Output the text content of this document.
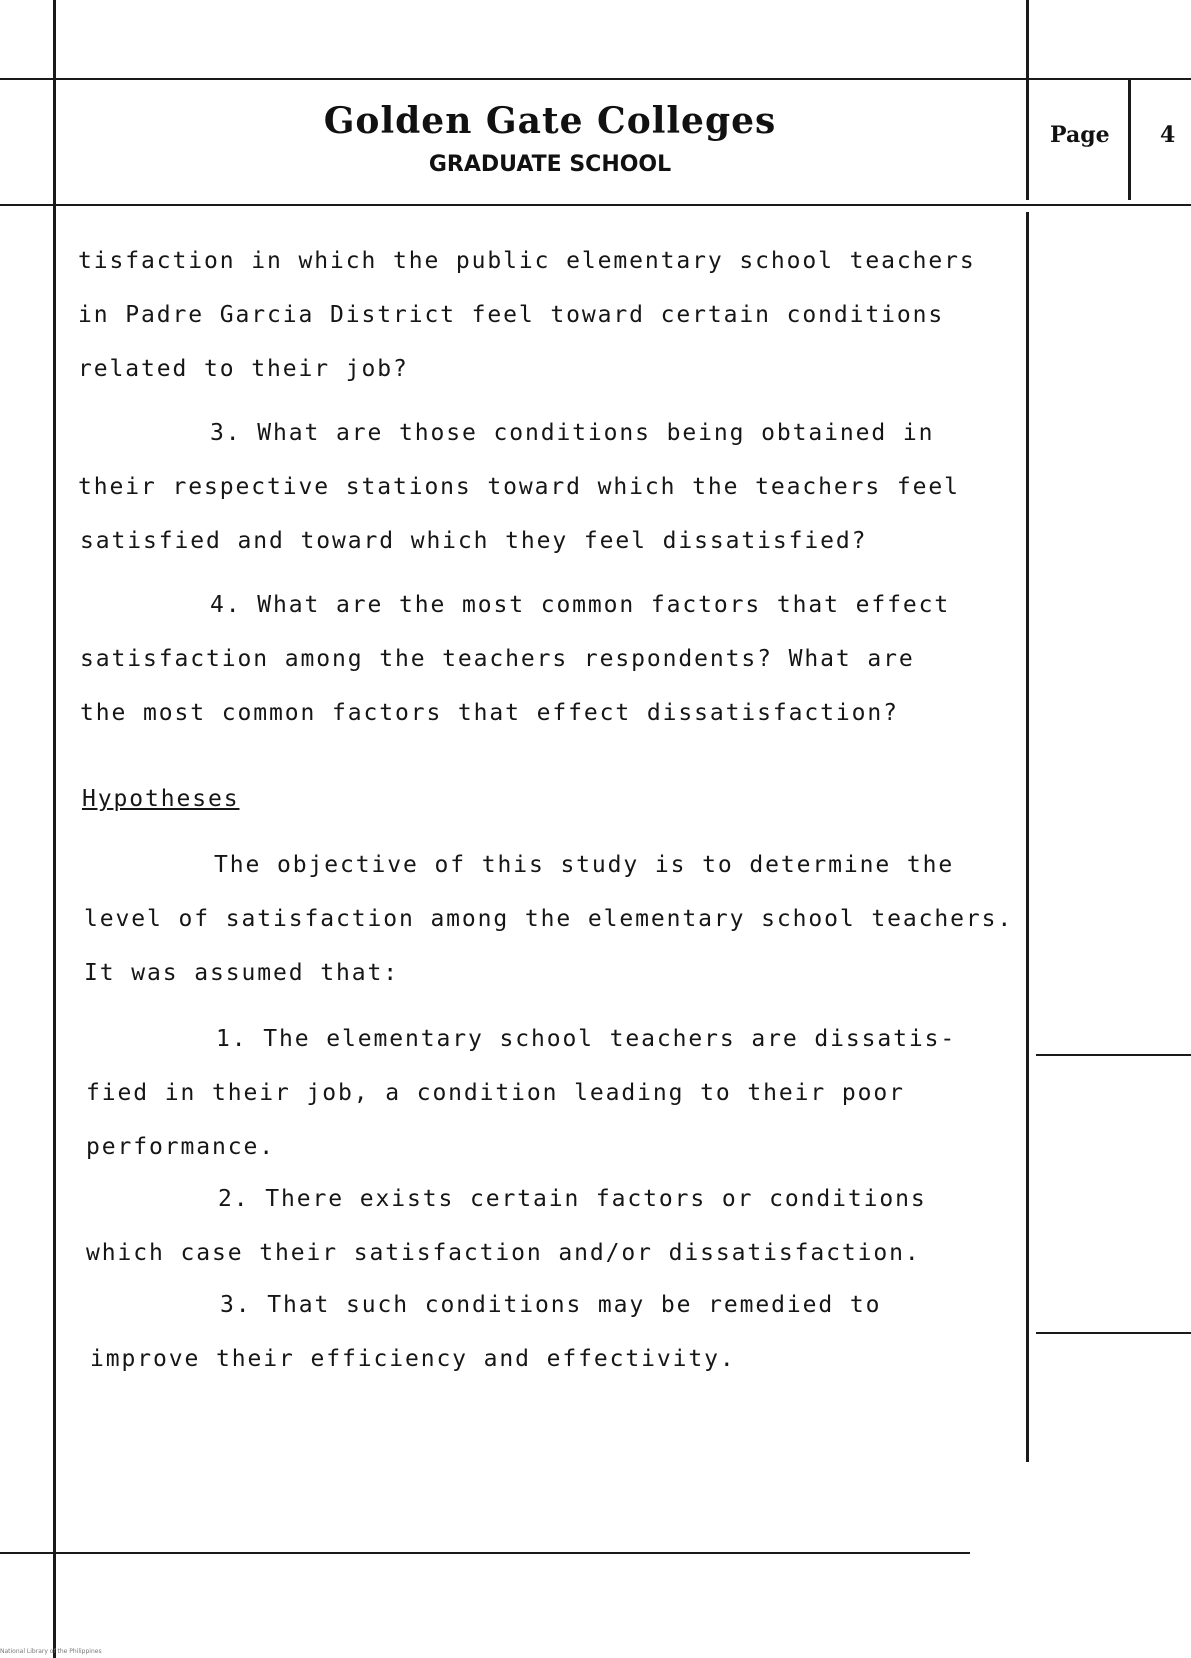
Golden Gate Colleges
GRADUATE SCHOOL
Page 4
tisfaction in which the public elementary school teachers
in Padre Garcia District feel toward certain conditions
related to their job?
3. What are those conditions being obtained in
their respective stations toward which the teachers feel
satisfied and toward which they feel dissatisfied?
4. What are the most common factors that effect
satisfaction among the teachers respondents? What are
the most common factors that effect dissatisfaction?
Hypotheses
The objective of this study is to determine the
level of satisfaction among the elementary school teachers.
It was assumed that:
1. The elementary school teachers are dissatis-
fied in their job, a condition leading to their poor
performance.
2. There exists certain factors or conditions
which case their satisfaction and/or dissatisfaction.
3. That such conditions may be remedied to
improve their efficiency and effectivity.
National Library of the Philippines
